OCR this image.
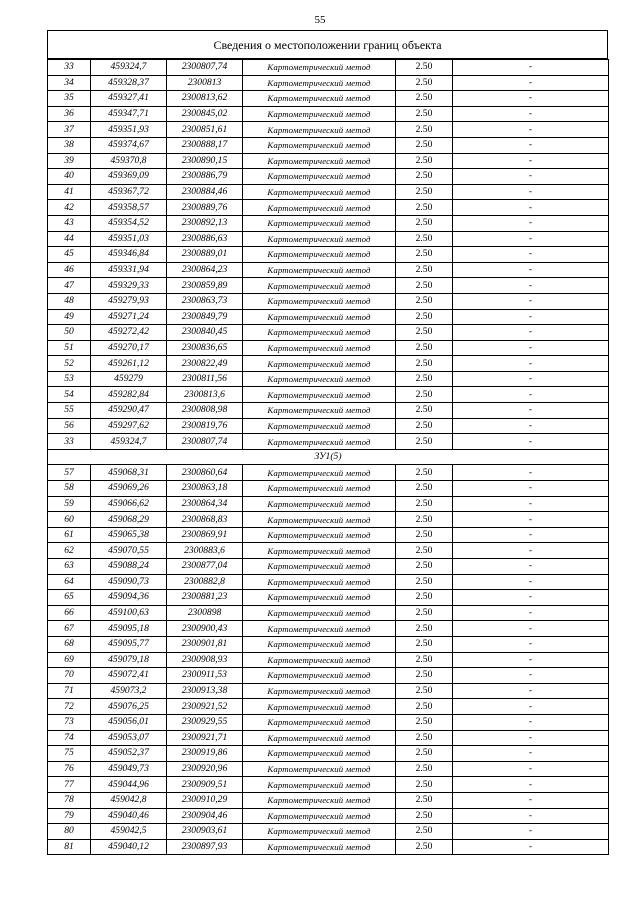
55
Сведения о местоположении границ объекта
33	459324,7	2300807,74	Картометрический метод	2.50	-
34	459328,37	2300813	Картометрический метод	2.50	-
35	459327,41	2300813,62	Картометрический метод	2.50	-
36	459347,71	2300845,02	Картометрический метод	2.50	-
37	459351,93	2300851,61	Картометрический метод	2.50	-
38	459374,67	2300888,17	Картометрический метод	2.50	-
39	459370,8	2300890,15	Картометрический метод	2.50	-
40	459369,09	2300886,79	Картометрический метод	2.50	-
41	459367,72	2300884,46	Картометрический метод	2.50	-
42	459358,57	2300889,76	Картометрический метод	2.50	-
43	459354,52	2300892,13	Картометрический метод	2.50	-
44	459351,03	2300886,63	Картометрический метод	2.50	-
45	459346,84	2300889,01	Картометрический метод	2.50	-
46	459331,94	2300864,23	Картометрический метод	2.50	-
47	459329,33	2300859,89	Картометрический метод	2.50	-
48	459279,93	2300863,73	Картометрический метод	2.50	-
49	459271,24	2300849,79	Картометрический метод	2.50	-
50	459272,42	2300840,45	Картометрический метод	2.50	-
51	459270,17	2300836,65	Картометрический метод	2.50	-
52	459261,12	2300822,49	Картометрический метод	2.50	-
53	459279	2300811,56	Картометрический метод	2.50	-
54	459282,84	2300813,6	Картометрический метод	2.50	-
55	459290,47	2300808,98	Картометрический метод	2.50	-
56	459297,62	2300819,76	Картометрический метод	2.50	-
33	459324,7	2300807,74	Картометрический метод	2.50	-
ЗУ1(5)					
57	459068,31	2300860,64	Картометрический метод	2.50	-
58	459069,26	2300863,18	Картометрический метод	2.50	-
59	459066,62	2300864,34	Картометрический метод	2.50	-
60	459068,29	2300868,83	Картометрический метод	2.50	-
61	459065,38	2300869,91	Картометрический метод	2.50	-
62	459070,55	2300883,6	Картометрический метод	2.50	-
63	459088,24	2300877,04	Картометрический метод	2.50	-
64	459090,73	2300882,8	Картометрический метод	2.50	-
65	459094,36	2300881,23	Картометрический метод	2.50	-
66	459100,63	2300898	Картометрический метод	2.50	-
67	459095,18	2300900,43	Картометрический метод	2.50	-
68	459095,77	2300901,81	Картометрический метод	2.50	-
69	459079,18	2300908,93	Картометрический метод	2.50	-
70	459072,41	2300911,53	Картометрический метод	2.50	-
71	459073,2	2300913,38	Картометрический метод	2.50	-
72	459076,25	2300921,52	Картометрический метод	2.50	-
73	459056,01	2300929,55	Картометрический метод	2.50	-
74	459053,07	2300921,71	Картометрический метод	2.50	-
75	459052,37	2300919,86	Картометрический метод	2.50	-
76	459049,73	2300920,96	Картометрический метод	2.50	-
77	459044,96	2300909,51	Картометрический метод	2.50	-
78	459042,8	2300910,29	Картометрический метод	2.50	-
79	459040,46	2300904,46	Картометрический метод	2.50	-
80	459042,5	2300903,61	Картометрический метод	2.50	-
81	459040,12	2300897,93	Картометрический метод	2.50	-
